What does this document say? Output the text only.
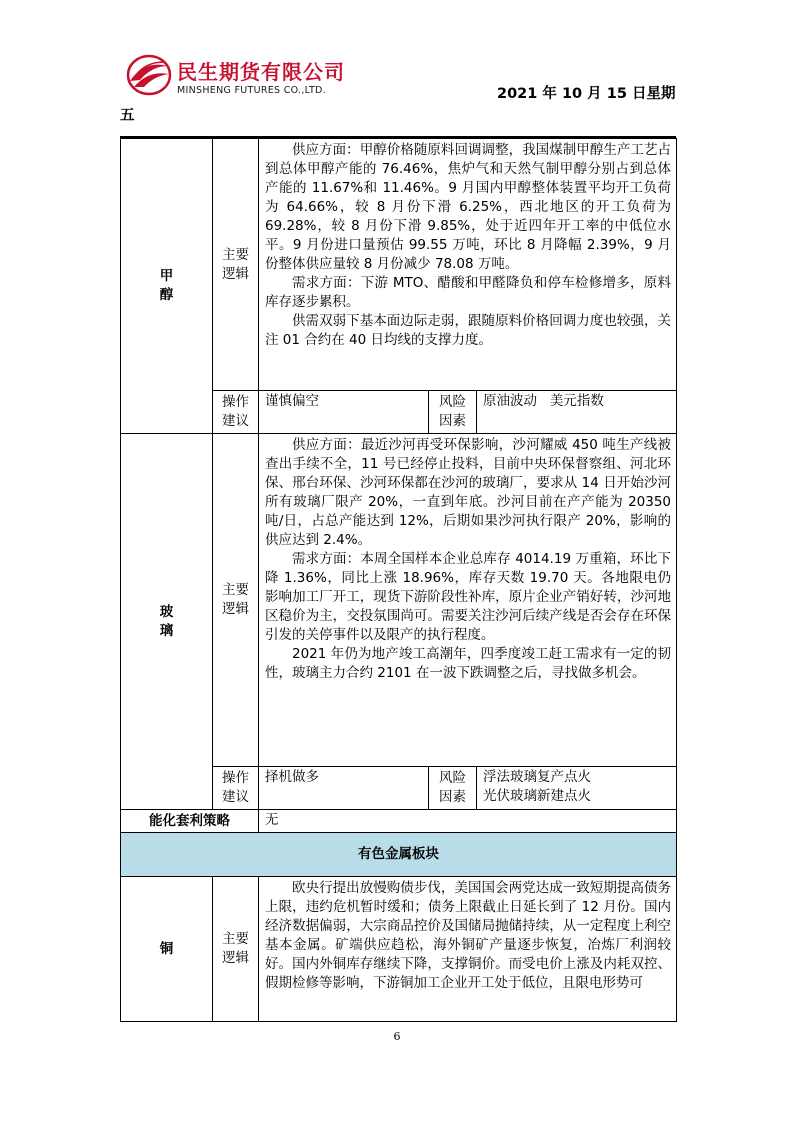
民生期货有限公司
MINSHENG FUTURES CO.,LTD.	2021 年 10 月 15 日星期
五
甲醇	主要逻辑	供应方面：甲醇价格随原料回调调整，我国煤制甲醇生产工艺占到总体甲醇产能的 76.46%，焦炉气和天然气制甲醇分别占到总体产能的 11.67%和 11.46%。9 月国内甲醇整体装置平均开工负荷为 64.66%，较 8 月份下滑 6.25%，西北地区的开工负荷为 69.28%，较 8 月份下滑 9.85%，处于近四年开工率的中低位水平。9 月份进口量预估 99.55 万吨，环比 8 月降幅 2.39%，9 月份整体供应量较 8 月份减少 78.08 万吨。

需求方面：下游 MTO、醋酸和甲醛降负和停车检修增多，原料库存逐步累积。

供需双弱下基本面边际走弱，跟随原料价格回调力度也较强，关注 01 合约在 40 日均线的支撑力度。		

	操作建议	谨慎偏空	风险因素	原油波动   美元指数
玻璃	主要逻辑	供应方面：最近沙河再受环保影响，沙河耀威 450 吨生产线被查出手续不全，11 号已经停止投料，目前中央环保督察组、河北环保、邢台环保、沙河环保都在沙河的玻璃厂，要求从 14 日开始沙河所有玻璃厂限产 20%，一直到年底。沙河目前在产产能为 20350 吨/日，占总产能达到 12%，后期如果沙河执行限产 20%，影响的供应达到 2.4%。

需求方面：本周全国样本企业总库存 4014.19 万重箱，环比下降 1.36%，同比上涨 18.96%，库存天数 19.70 天。各地限电仍影响加工厂开工，现货下游阶段性补库，原片企业产销好转，沙河地区稳价为主，交投氛围尚可。需要关注沙河后续产线是否会存在环保引发的关停事件以及限产的执行程度。

2021 年仍为地产竣工高潮年，四季度竣工赶工需求有一定的韧性，玻璃主力合约 2101 在一波下跌调整之后，寻找做多机会。		

	操作建议	择机做多	风险因素	浮法玻璃复产点火
光伏玻璃新建点火

能化套利策略		无		
有色金属板块				
铜	主要逻辑	欧央行提出放慢购债步伐，美国国会两党达成一致短期提高债务上限，违约危机暂时缓和；债务上限截止日延长到了 12 月份。国内经济数据偏弱，大宗商品控价及国储局抛储持续，从一定程度上利空基本金属。矿端供应趋松，海外铜矿产量逐步恢复，冶炼厂利润较好。国内外铜库存继续下降，支撑铜价。而受电价上涨及内耗双控、假期检修等影响，下游铜加工企业开工处于低位，且限电形势可		

6
